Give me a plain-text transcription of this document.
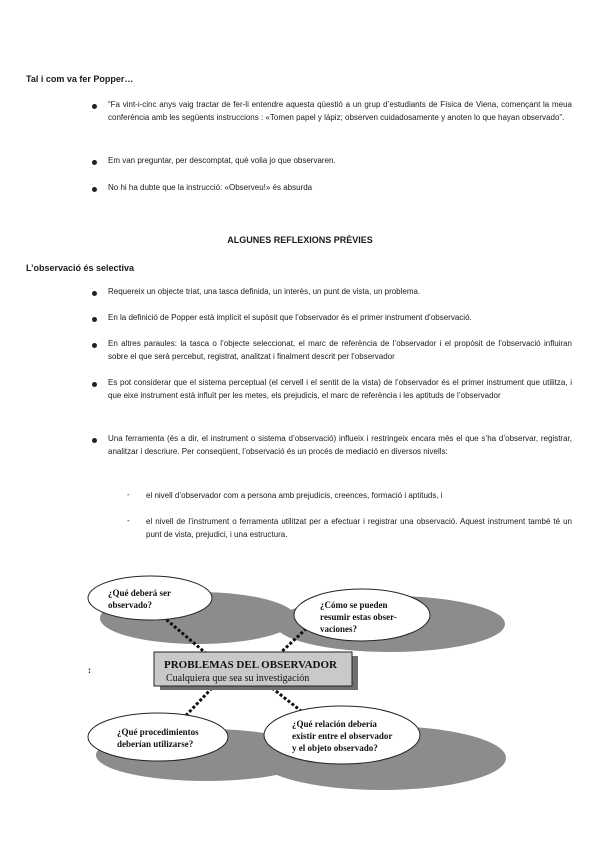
Tal i com va fer Popper…

“Fa vint-i-cinc anys vaig tractar de fer-li entendre aquesta qüestió a un grup d’estudiants de Física de Viena, començant la meua conferència amb les següents instruccions : «Tomen papel y lápiz; observen cuidadosamente y anoten lo que hayan observado”.

Em van preguntar, per descomptat, què volia jo que observaren.

No hi ha dubte que la instrucció: «Observeu!» és absurda

ALGUNES REFLEXIONS PRÈVIES

L’observació és selectiva

Requereix un objecte triat, una tasca definida, un interès, un punt de vista, un problema.

En la definició de Popper està implícit el supòsit que l’observador és el primer instrument d’observació.

En altres paraules: la tasca o l’objecte seleccionat, el marc de referència de l’observador i el propòsit de l’observació influiran sobre el que serà percebut, registrat, analitzat i finalment descrit per l’observador

Es pot considerar que el sistema perceptual (el cervell i el sentit de la vista) de l’observador és el primer instrument que utilitza, i que eixe instrument està influït per les metes, els prejudicis, el marc de referència i les aptituds de l’observador

Una ferramenta (és a dir, el instrument o sistema d’observació) influeix i restringeix encara més el que s’ha d’observar, registrar, analitzar i descriure. Per conseqüent, l’observació és un procés de mediació en diversos nivells:

- el nivell d’observador com a persona amb prejudicis, creences, formació i aptituds, i

- el nivell de l’instrument o ferramenta utilitzat per a efectuar i registrar una observació. Aquest instrument també té un punt de vista, prejudici, i una estructura.

PROBLEMAS DEL OBSERVADOR
Cualquiera que sea su investigación
¿Qué deberá ser
observado?	¿Cómo se pueden
resumir estas obser-
vaciones?
¿Qué procedimientos
deberían utilizarse?
¿Qué relación debería
existir entre el observador
y el objeto observado?
:
